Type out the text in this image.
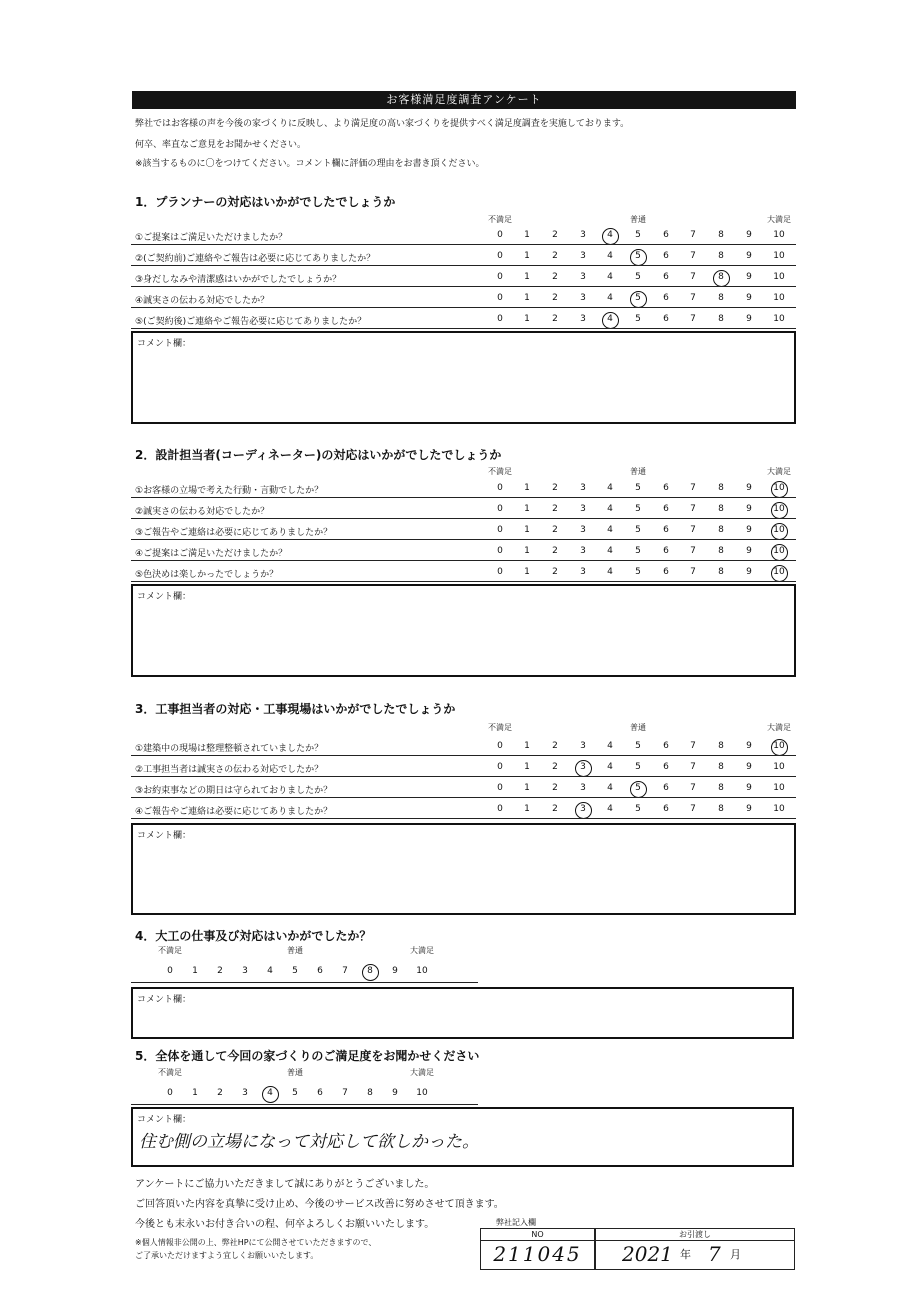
お客様満足度調査アンケート
弊社ではお客様の声を今後の家づくりに反映し、より満足度の高い家づくりを提供すべく満足度調査を実施しております。
何卒、率直なご意見をお聞かせください。
※該当するものに〇をつけてください。コメント欄に評価の理由をお書き頂ください。
1．プランナーの対応はいかがでしたでしょうか
不満足	普通	大満足
①ご提案はご満足いただけましたか？	0	1	2	3	4	5	6	7	8	9	10
②(ご契約前)ご連絡やご報告は必要に応じてありましたか？	0	1	2	3	4	5	6	7	8	9	10
③身だしなみや清潔感はいかがでしたでしょうか？	0	1	2	3	4	5	6	7	8	9	10
④誠実さの伝わる対応でしたか？	0	1	2	3	4	5	6	7	8	9	10
⑤(ご契約後)ご連絡やご報告必要に応じてありましたか？	0	1	2	3	4	5	6	7	8	9	10
コメント欄：
2．設計担当者(コーディネーター)の対応はいかがでしたでしょうか
不満足	普通	大満足
①お客様の立場で考えた行動・言動でしたか？	0	1	2	3	4	5	6	7	8	9	10
②誠実さの伝わる対応でしたか？	0	1	2	3	4	5	6	7	8	9	10
③ご報告やご連絡は必要に応じてありましたか？	0	1	2	3	4	5	6	7	8	9	10
④ご提案はご満足いただけましたか？	0	1	2	3	4	5	6	7	8	9	10
⑤色決めは楽しかったでしょうか？	0	1	2	3	4	5	6	7	8	9	10
コメント欄：
3．工事担当者の対応・工事現場はいかがでしたでしょうか
不満足	普通	大満足
①建築中の現場は整理整頓されていましたか？	0	1	2	3	4	5	6	7	8	9	10
②工事担当者は誠実さの伝わる対応でしたか？	0	1	2	3	4	5	6	7	8	9	10
③お約束事などの期日は守られておりましたか？	0	1	2	3	4	5	6	7	8	9	10
④ご報告やご連絡は必要に応じてありましたか？	0	1	2	3	4	5	6	7	8	9	10
コメント欄：
4．大工の仕事及び対応はいかがでしたか？
不満足	普通	大満足
0	1	2	3	4	5	6	7	8	9	10
コメント欄：
5．全体を通して今回の家づくりのご満足度をお聞かせください
不満足	普通	大満足
0	1	2	3	4	5	6	7	8	9	10
コメント欄：
住む側の立場になって対応して欲しかった。
アンケートにご協力いただきまして誠にありがとうございました。
ご回答頂いた内容を真摯に受け止め、今後のサービス改善に努めさせて頂きます。
今後とも末永いお付き合いの程、何卒よろしくお願いいたします。
※個人情報非公開の上、弊社HPにて公開させていただきますので、
ご了承いただけますよう宜しくお願いいたします。
弊社記入欄
NO
211045
お引渡し
2021 年 7 月
